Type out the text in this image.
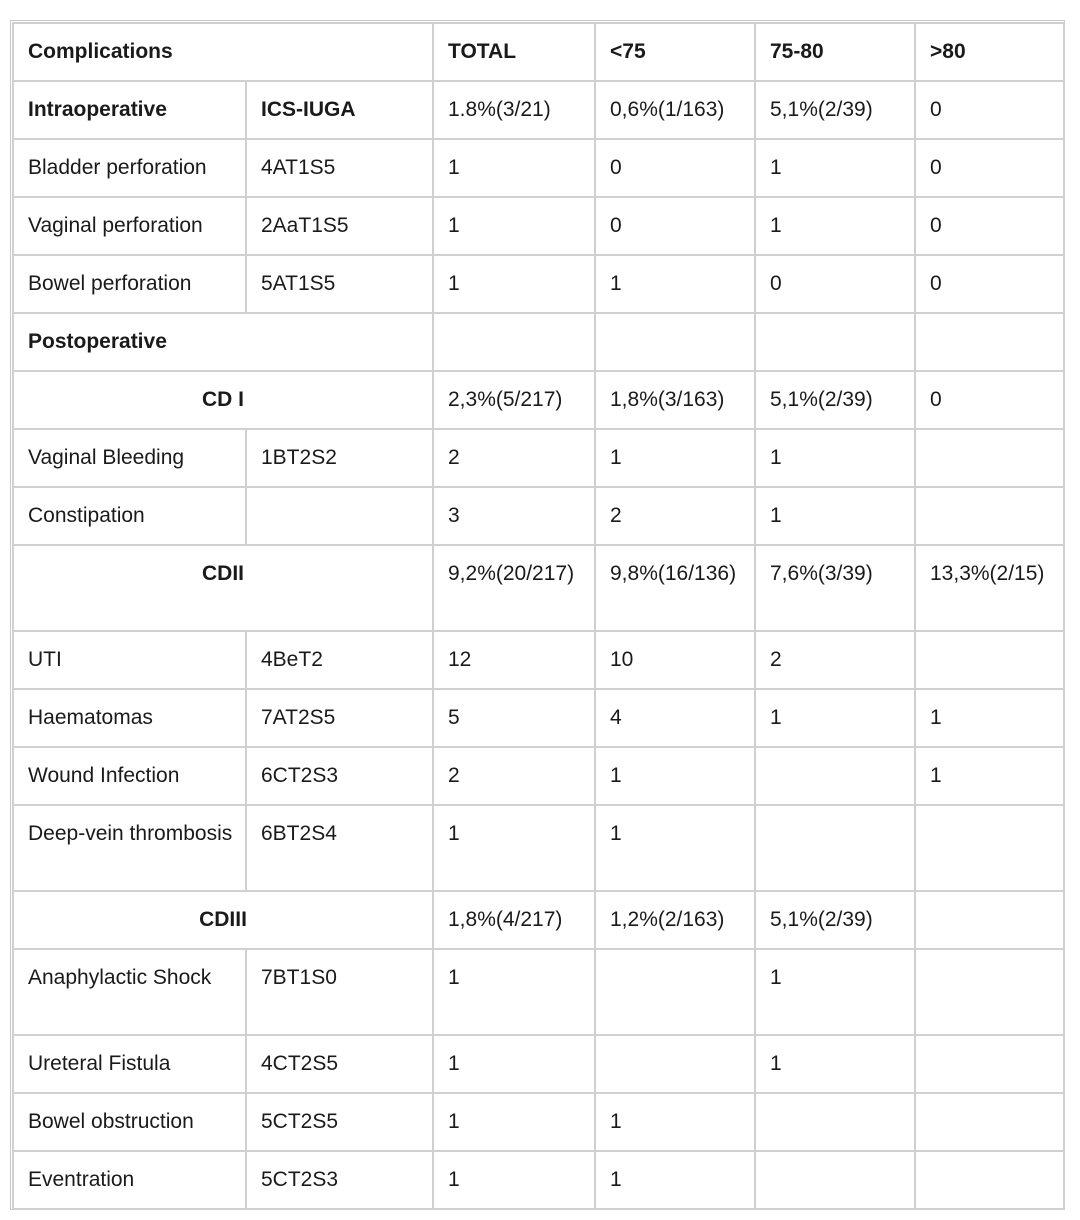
Complications		TOTAL	<75	75-80	>80
Intraoperative	ICS-IUGA	1.8%(3/21)	0,6%(1/163)	5,1%(2/39)	0
Bladder perforation	4AT1S5	1	0	1	0
Vaginal perforation	2AaT1S5	1	0	1	0
Bowel perforation	5AT1S5	1	1	0	0
Postoperative					
CD I		2,3%(5/217)	1,8%(3/163)	5,1%(2/39)	0
Vaginal Bleeding	1BT2S2	2	1	1	
Constipation		3	2	1	
CDII		9,2%(20/217)	9,8%(16/136)	7,6%(3/39)	13,3%(2/15)
UTI	4BeT2	12	10	2	
Haematomas	7AT2S5	5	4	1	1
Wound Infection	6CT2S3	2	1		1
Deep-vein thrombosis	6BT2S4	1	1		
CDIII		1,8%(4/217)	1,2%(2/163)	5,1%(2/39)	
Anaphylactic Shock	7BT1S0	1		1	
Ureteral Fistula	4CT2S5	1		1	
Bowel obstruction	5CT2S5	1	1		
Eventration	5CT2S3	1	1		
